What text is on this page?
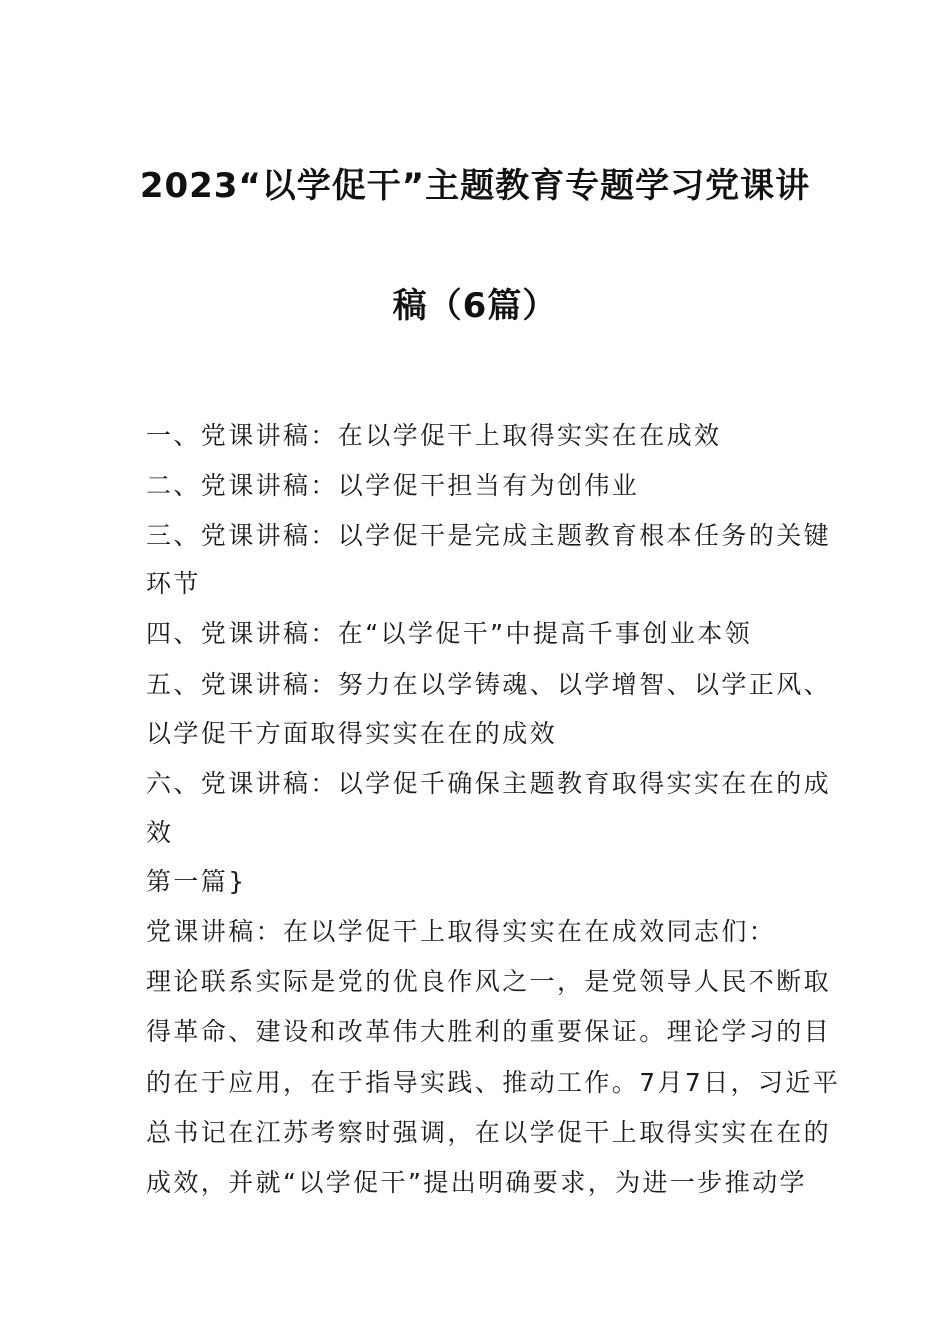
2023“以学促干”主题教育专题学习党课讲
稿（6篇）
一、党课讲稿：在以学促干上取得实实在在成效
二、党课讲稿：以学促干担当有为创伟业
三、党课讲稿：以学促干是完成主题教育根本任务的关键
环节
四、党课讲稿：在“以学促干”中提高千事创业本领
五、党课讲稿：努力在以学铸魂、以学增智、以学正风、
以学促干方面取得实实在在的成效
六、党课讲稿：以学促千确保主题教育取得实实在在的成
效
第一篇}
党课讲稿：在以学促干上取得实实在在成效同志们：
理论联系实际是党的优良作风之一，是党领导人民不断取
得革命、建设和改革伟大胜利的重要保证。理论学习的目
的在于应用，在于指导实践、推动工作。7月7日，习近平
总书记在江苏考察时强调，在以学促干上取得实实在在的
成效，并就“以学促干”提出明确要求，为进一步推动学
